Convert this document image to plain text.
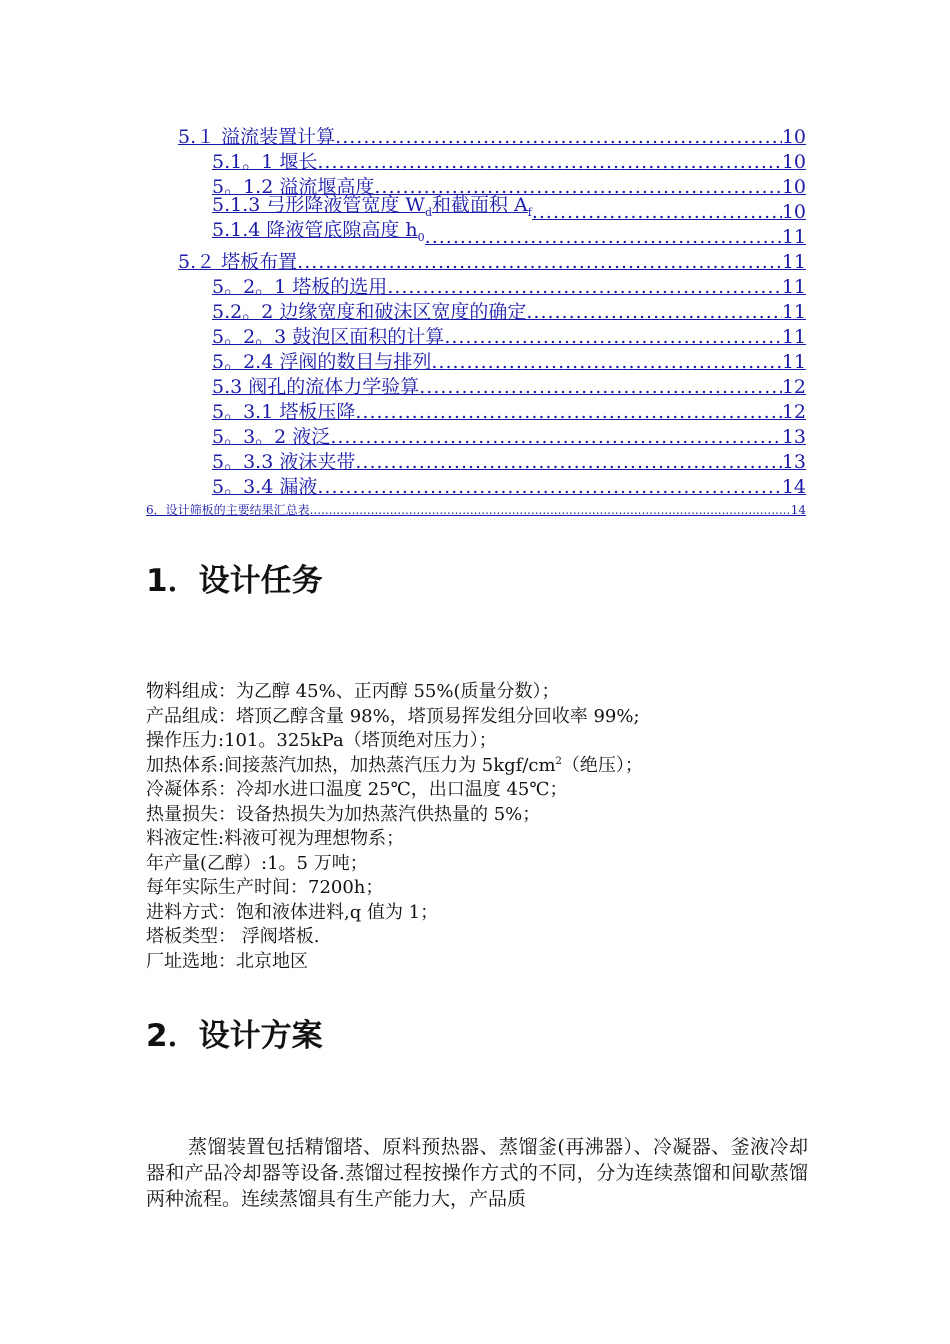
5.１ 溢流装置计算 .....	10
5.1。1 堰长 .....	10
5。1.2 溢流堰高度 .....	10
5.1.3 弓形降液管宽度 $W_d$和截面积 $A_f$ .....	10
5.1.4 降液管底隙高度 $h_0$ .....	11
5.２ 塔板布置 .....	11
5。2。1 塔板的选用 .....	11
5.2。2 边缘宽度和破沫区宽度的确定 .....	11
5。2。3 鼓泡区面积的计算 .....	11
5。2.4 浮阀的数目与排列 .....	11
5.3 阀孔的流体力学验算 .....	12
5。3.1 塔板压降 .....	12
5。3。2 液泛 .....	13
5。3.3 液沫夹带 .....	13
5。3.4 漏液 .....	14
6．设计筛板的主要结果汇总表 .....	14
1．设计任务
物料组成：为乙醇 45%、正丙醇 55%(质量分数）；
产品组成：塔顶乙醇含量 98%，塔顶易挥发组分回收率 99%;
操作压力:101。325kPa（塔顶绝对压力）；
加热体系:间接蒸汽加热，加热蒸汽压力为 $5kgf/cm^2$（绝压）；
冷凝体系：冷却水进口温度 25℃，出口温度 45℃；
热量损失：设备热损失为加热蒸汽供热量的 5%；
料液定性:料液可视为理想物系；
年产量(乙醇）:1。5 万吨；
每年实际生产时间：7200h；
进料方式：饱和液体进料,q 值为 1；
塔板类型： 浮阀塔板.
厂址选地：北京地区
2．设计方案
蒸馏装置包括精馏塔、原料预热器、蒸馏釜(再沸器）、冷凝器、釜液冷却器和产品冷却器等设备.蒸馏过程按操作方式的不同，分为连续蒸馏和间歇蒸馏两种流程。连续蒸馏具有生产能力大，产品质
